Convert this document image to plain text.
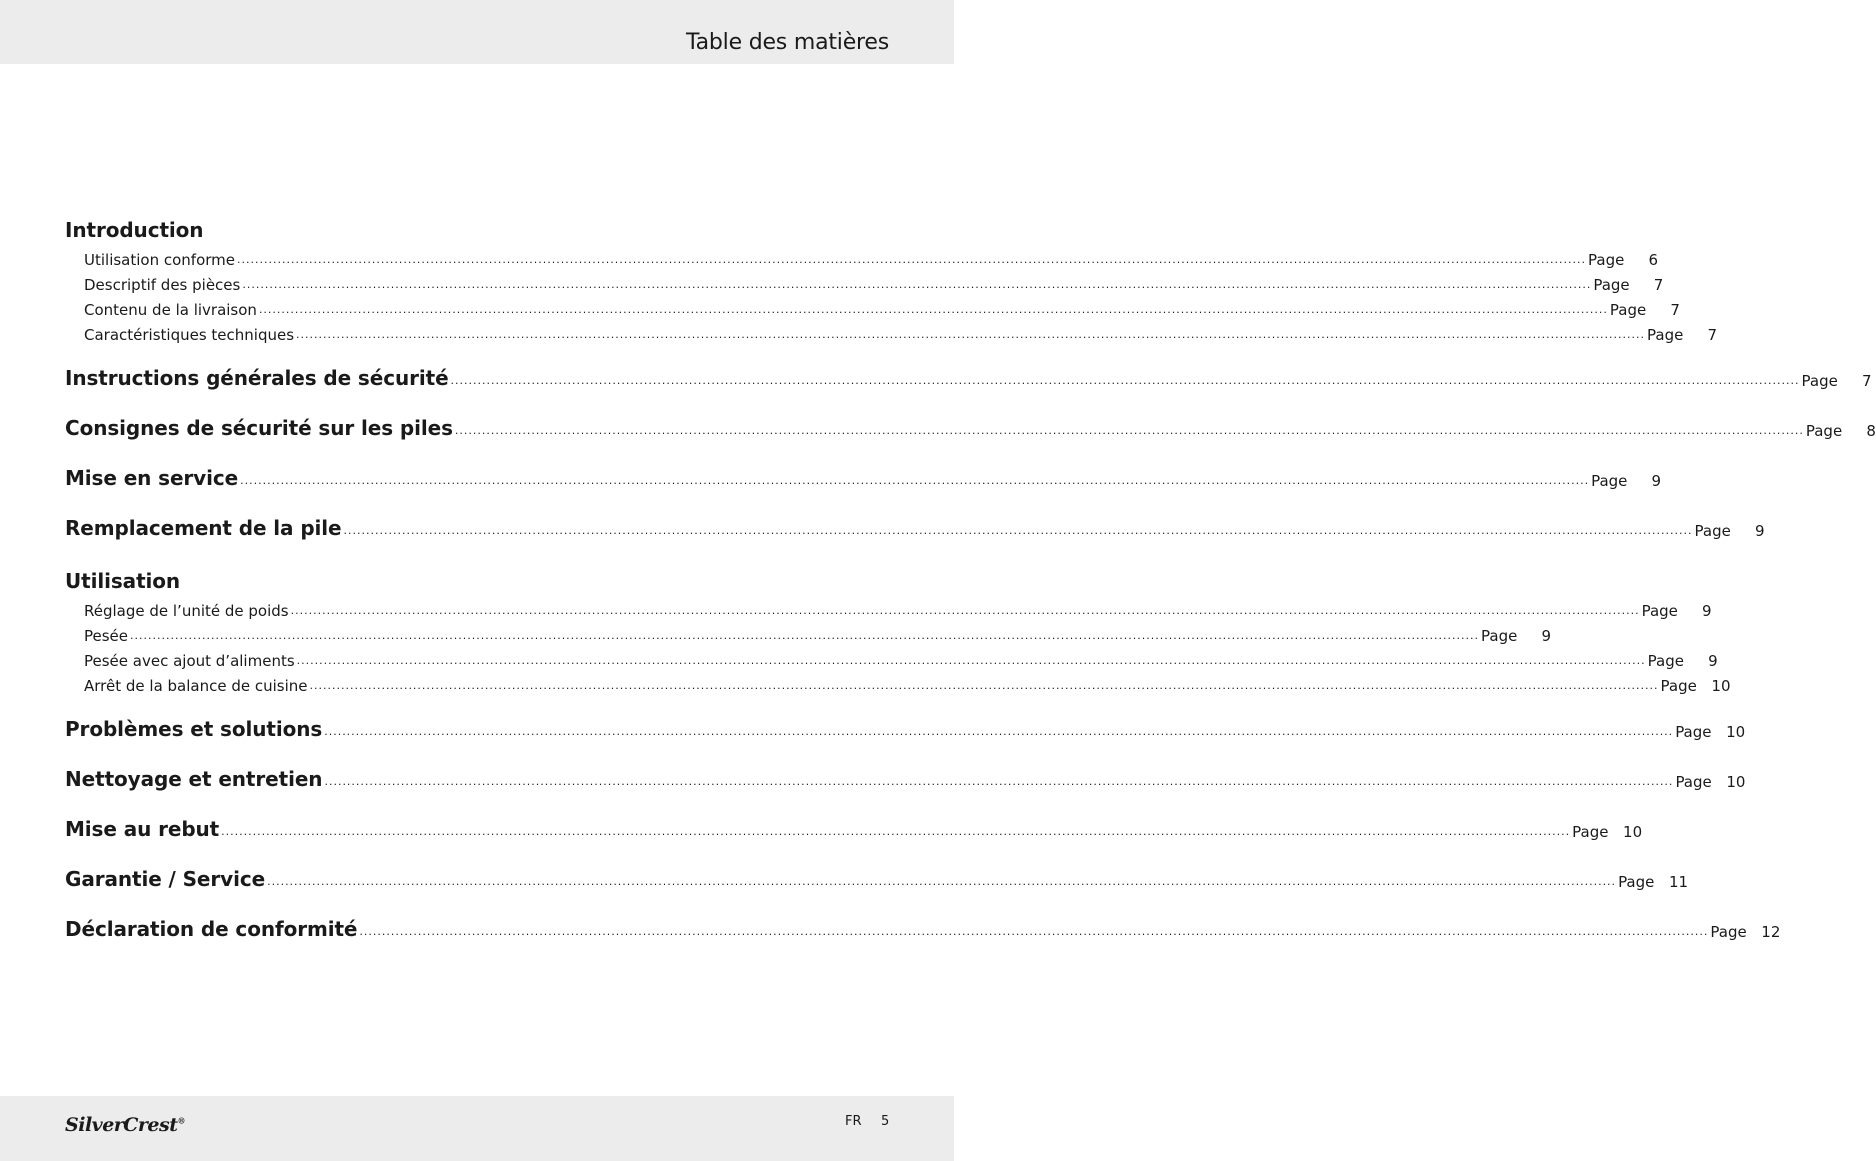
Table des matières
Introduction
Utilisation conforme ............................................................................................................................................................................................................................................................................................................ Page	6
Descriptif des pièces ............................................................................................................................................................................................................................................................................................................ Page	7
Contenu de la livraison ............................................................................................................................................................................................................................................................................................................ Page	7
Caractéristiques techniques ............................................................................................................................................................................................................................................................................................................ Page	7
Instructions générales de sécurité ............................................................................................................................................................................................................................................................................................................ Page	7
Consignes de sécurité sur les piles ............................................................................................................................................................................................................................................................................................................ Page	8
Mise en service ............................................................................................................................................................................................................................................................................................................ Page	9
Remplacement de la pile ............................................................................................................................................................................................................................................................................................................ Page	9
Utilisation
Réglage de l’unité de poids ............................................................................................................................................................................................................................................................................................................ Page	9
Pesée ............................................................................................................................................................................................................................................................................................................ Page	9
Pesée avec ajout d’aliments ............................................................................................................................................................................................................................................................................................................ Page	9
Arrêt de la balance de cuisine ............................................................................................................................................................................................................................................................................................................ Page 10
Problèmes et solutions ............................................................................................................................................................................................................................................................................................................ Page 10
Nettoyage et entretien ............................................................................................................................................................................................................................................................................................................ Page 10
Mise au rebut ............................................................................................................................................................................................................................................................................................................ Page 10
Garantie / Service ............................................................................................................................................................................................................................................................................................................ Page 11
Déclaration de conformité ............................................................................................................................................................................................................................................................................................................ Page 12
SilverCrest®	FR 5
